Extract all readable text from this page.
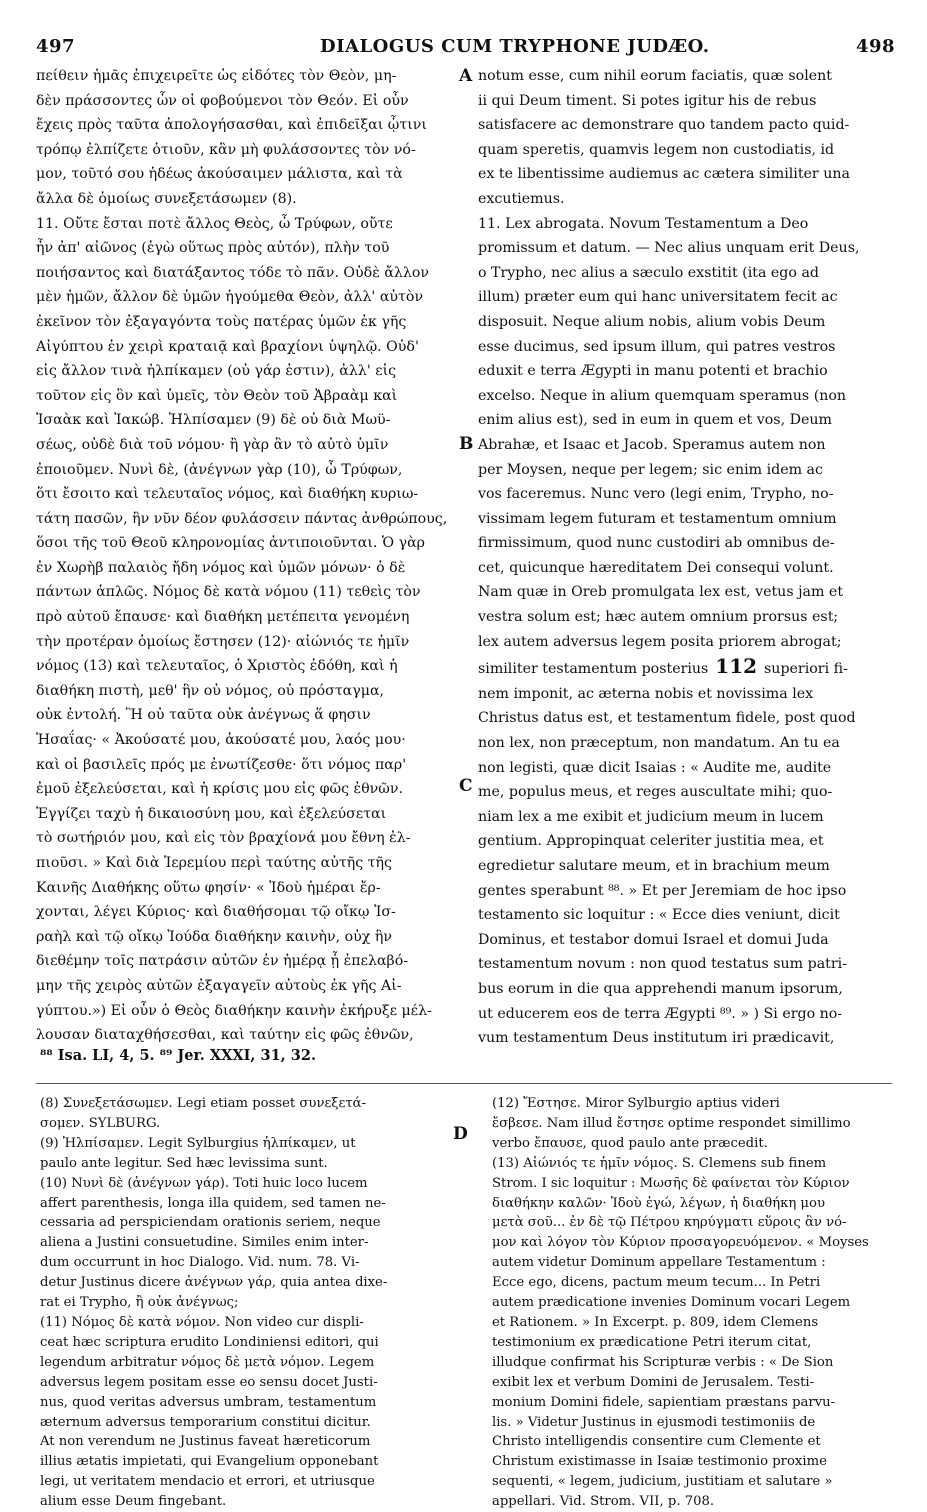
497	DIALOGUS CUM TRYPHONE JUDÆO.	498
πείθειν ἡμᾶς ἐπιχειρεῖτε ὡς εἰδότες τὸν Θεὸν, μη-
δὲν πράσσοντες ὧν οἱ φοβούμενοι τὸν Θεόν. Εἰ οὖν
ἔχεις πρὸς ταῦτα ἀπολογήσασθαι, καὶ ἐπιδεῖξαι ᾧτινι
τρόπῳ ἐλπίζετε ὁτιοῦν, κἂν μὴ φυλάσσοντες τὸν νό-
μον, τοῦτό σου ἡδέως ἀκούσαιμεν μάλιστα, καὶ τὰ
ἄλλα δὲ ὁμοίως συνεξετάσωμεν (8).
11. Οὔτε ἔσται ποτὲ ἄλλος Θεὸς, ὦ Τρύφων, οὔτε
ἦν ἀπ' αἰῶνος (ἐγὼ οὕτως πρὸς αὐτόν), πλὴν τοῦ
ποιήσαντος καὶ διατάξαντος τόδε τὸ πᾶν. Οὐδὲ ἄλλον
μὲν ἡμῶν, ἄλλον δὲ ὑμῶν ἡγούμεθα Θεὸν, ἀλλ' αὐτὸν
ἐκεῖνον τὸν ἐξαγαγόντα τοὺς πατέρας ὑμῶν ἐκ γῆς
Αἰγύπτου ἐν χειρὶ κραταιᾷ καὶ βραχίονι ὑψηλῷ. Οὐδ'
εἰς ἄλλον τινὰ ἠλπίκαμεν (οὐ γάρ ἐστιν), ἀλλ' εἰς
τοῦτον εἰς ὃν καὶ ὑμεῖς, τὸν Θεὸν τοῦ Ἀβραὰμ καὶ
Ἰσαὰκ καὶ Ἰακώβ. Ἠλπίσαμεν (9) δὲ οὐ διὰ Μωϋ-
σέως, οὐδὲ διὰ τοῦ νόμου· ἢ γὰρ ἂν τὸ αὐτὸ ὑμῖν
ἐποιοῦμεν. Νυνὶ δὲ, (ἀνέγνων γὰρ (10), ὦ Τρύφων,
ὅτι ἔσοιτο καὶ τελευταῖος νόμος, καὶ διαθήκη κυριω-
τάτη πασῶν, ἣν νῦν δέον φυλάσσειν πάντας ἀνθρώπους,
ὅσοι τῆς τοῦ Θεοῦ κληρονομίας ἀντιποιοῦνται. Ὁ γὰρ
ἐν Χωρὴβ παλαιὸς ἤδη νόμος καὶ ὑμῶν μόνων· ὁ δὲ
πάντων ἁπλῶς. Νόμος δὲ κατὰ νόμου (11) τεθεὶς τὸν
πρὸ αὐτοῦ ἔπαυσε· καὶ διαθήκη μετέπειτα γενομένη
τὴν προτέραν ὁμοίως ἔστησεν (12)· αἰώνιός τε ἡμῖν
νόμος (13) καὶ τελευταῖος, ὁ Χριστὸς ἐδόθη, καὶ ἡ
διαθήκη πιστὴ, μεθ' ἣν οὐ νόμος, οὐ πρόσταγμα,
οὐκ ἐντολή. Ἢ οὐ ταῦτα οὐκ ἀνέγνως ἅ φησιν
Ἡσαΐας· « Ἀκούσατέ μου, ἀκούσατέ μου, λαός μου·
καὶ οἱ βασιλεῖς πρός με ἐνωτίζεσθε· ὅτι νόμος παρ'
ἐμοῦ ἐξελεύσεται, καὶ ἡ κρίσις μου εἰς φῶς ἐθνῶν.
Ἐγγίζει ταχὺ ἡ δικαιοσύνη μου, καὶ ἐξελεύσεται
τὸ σωτήριόν μου, καὶ εἰς τὸν βραχίονά μου ἔθνη ἐλ-
πιοῦσι. » Καὶ διὰ Ἱερεμίου περὶ ταύτης αὐτῆς τῆς
Καινῆς Διαθήκης οὕτω φησίν· « Ἰδοὺ ἡμέραι ἔρ-
χονται, λέγει Κύριος· καὶ διαθήσομαι τῷ οἴκῳ Ἰσ-
ραὴλ καὶ τῷ οἴκῳ Ἰούδα διαθήκην καινὴν, οὐχ ἣν
διεθέμην τοῖς πατράσιν αὐτῶν ἐν ἡμέρᾳ ᾗ ἐπελαβό-
μην τῆς χειρὸς αὐτῶν ἐξαγαγεῖν αὐτοὺς ἐκ γῆς Αἰ-
γύπτου.») Εἰ οὖν ὁ Θεὸς διαθήκην καινὴν ἐκήρυξε μέλ-
λουσαν διαταχθήσεσθαι, καὶ ταύτην εἰς φῶς ἐθνῶν,
notum esse, cum nihil eorum faciatis, quæ solent
ii qui Deum timent. Si potes igitur his de rebus
satisfacere ac demonstrare quo tandem pacto quid-
quam speretis, quamvis legem non custodiatis, id
ex te libentissime audiemus ac cætera similiter una
excutiemus.
11. Lex abrogata. Novum Testamentum a Deo
promissum et datum. — Nec alius unquam erit Deus,
o Trypho, nec alius a sæculo exstitit (ita ego ad
illum) præter eum qui hanc universitatem fecit ac
disposuit. Neque alium nobis, alium vobis Deum
esse ducimus, sed ipsum illum, qui patres vestros
eduxit e terra Ægypti in manu potenti et brachio
excelso. Neque in alium quemquam speramus (non
enim alius est), sed in eum in quem et vos, Deum
Abrahæ, et Isaac et Jacob. Speramus autem non
per Moysen, neque per legem; sic enim idem ac
vos faceremus. Nunc vero (legi enim, Trypho, no-
vissimam legem futuram et testamentum omnium
firmissimum, quod nunc custodiri ab omnibus de-
cet, quicunque hæreditatem Dei consequi volunt.
Nam quæ in Oreb promulgata lex est, vetus jam et
vestra solum est; hæc autem omnium prorsus est;
lex autem adversus legem posita priorem abrogat;
similiter testamentum posterius 112 superiori fi-
nem imponit, ac æterna nobis et novissima lex
Christus datus est, et testamentum fidele, post quod
non lex, non præceptum, non mandatum. An tu ea
non legisti, quæ dicit Isaias : « Audite me, audite
me, populus meus, et reges auscultate mihi; quo-
niam lex a me exibit et judicium meum in lucem
gentium. Appropinquat celeriter justitia mea, et
egredietur salutare meum, et in brachium meum
gentes sperabunt ⁸⁸. » Et per Jeremiam de hoc ipso
testamento sic loquitur : « Ecce dies veniunt, dicit
Dominus, et testabor domui Israel et domui Juda
testamentum novum : non quod testatus sum patri-
bus eorum in die qua apprehendi manum ipsorum,
ut educerem eos de terra Ægypti ⁸⁹. » ) Si ergo no-
vum testamentum Deus institutum iri prædicavit,
A
B
C
D
⁸⁸ Isa. LI, 4, 5. ⁸⁹ Jer. XXXI, 31, 32.
(8) Συνεξετάσωμεν. Legi etiam posset συνεξετά-
σομεν. SYLBURG.
(9) Ἠλπίσαμεν. Legit Sylburgius ἠλπίκαμεν, ut
paulo ante legitur. Sed hæc levissima sunt.
(10) Νυνὶ δὲ (ἀνέγνων γάρ). Toti huic loco lucem
affert parenthesis, longa illa quidem, sed tamen ne-
cessaria ad perspiciendam orationis seriem, neque
aliena a Justini consuetudine. Similes enim inter-
dum occurrunt in hoc Dialogo. Vid. num. 78. Vi-
detur Justinus dicere ἀνέγνων γάρ, quia antea dixe-
rat ei Trypho, ἢ οὐκ ἀνέγνως;
(11) Νόμος δὲ κατὰ νόμον. Non video cur displi-
ceat hæc scriptura erudito Londiniensi editori, qui
legendum arbitratur νόμος δὲ μετὰ νόμον. Legem
adversus legem positam esse eo sensu docet Justi-
nus, quod veritas adversus umbram, testamentum
æternum adversus temporarium constitui dicitur.
At non verendum ne Justinus faveat hæreticorum
illius ætatis impietati, qui Evangelium opponebant
legi, ut veritatem mendacio et errori, et utriusque
alium esse Deum fingebant.
(12) Ἔστησε. Miror Sylburgio aptius videri
ἔσβεσε. Nam illud ἔστησε optime respondet simillimo
verbo ἔπαυσε, quod paulo ante præcedit.
(13) Αἰώνιός τε ἡμῖν νόμος. S. Clemens sub finem
Strom. I sic loquitur : Μωσῆς δὲ φαίνεται τὸν Κύριον
διαθήκην καλῶν· Ἰδοὺ ἐγώ, λέγων, ἡ διαθήκη μου
μετὰ σοῦ... ἐν δὲ τῷ Πέτρου κηρύγματι εὕροις ἂν νό-
μον καὶ λόγον τὸν Κύριον προσαγορευόμενον. « Moyses
autem videtur Dominum appellare Testamentum :
Ecce ego, dicens, pactum meum tecum... In Petri
autem prædicatione invenies Dominum vocari Legem
et Rationem. » In Excerpt. p. 809, idem Clemens
testimonium ex prædicatione Petri iterum citat,
illudque confirmat his Scripturæ verbis : « De Sion
exibit lex et verbum Domini de Jerusalem. Testi-
monium Domini fidele, sapientiam præstans parvu-
lis. » Videtur Justinus in ejusmodi testimoniis de
Christo intelligendis consentire cum Clemente et
Christum existimasse in Isaiæ testimonio proxime
sequenti, « legem, judicium, justitiam et salutare »
appellari. Vid. Strom. VII, p. 708.
